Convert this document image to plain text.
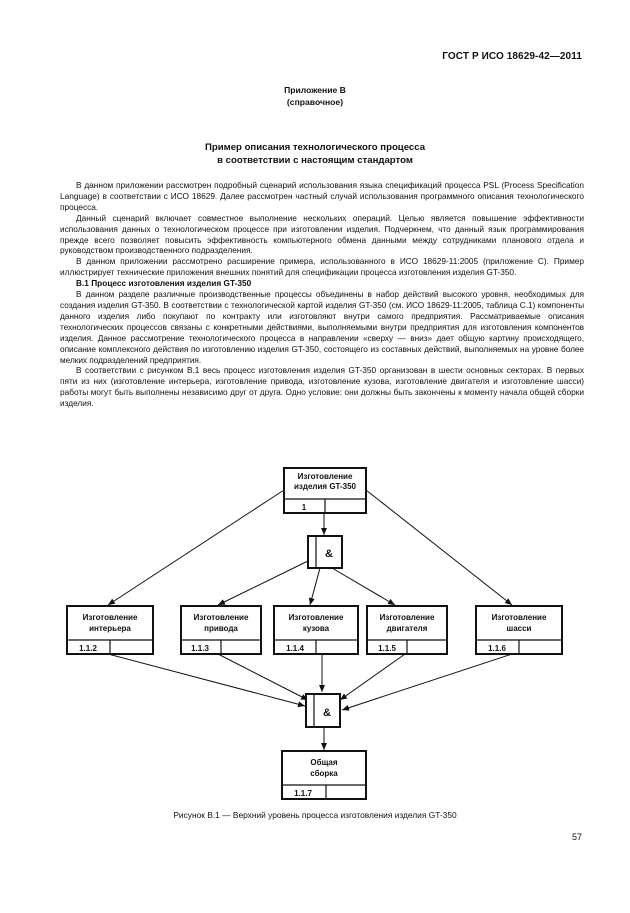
ГОСТ Р ИСО 18629-42—2011
Приложение В
(справочное)
Пример описания технологического процесса
в соответствии с настоящим стандартом

В данном приложении рассмотрен подробный сценарий использования языка спецификаций процесса PSL (Process Specification Language) в соответствии с ИСО 18629. Далее рассмотрен частный случай использования программного описания технологического процесса.

Данный сценарий включает совместное выполнение нескольких операций. Целью является повышение эффективности использования данных о технологическом процессе при изготовлении изделия. Подчеркнем, что данный язык программирования прежде всего позволяет повысить эффективность компьютерного обмена данными между сотрудниками планового отдела и руководством производственного подразделения.

В данном приложении рассмотрено расширение примера, использованного в ИСО 18629-11:2005 (приложение С). Пример иллюстрирует технические приложения внешних понятий для спецификации процесса изготовления изделия GT-350.

В.1 Процесс изготовления изделия GT-350

В данном разделе различные производственные процессы объединены в набор действий высокого уровня, необходимых для создания изделия GT-350. В соответствии с технологической картой изделия GT-350 (см. ИСО 18629-11:2005, таблица С.1) компоненты данного изделия либо покупают по контракту или изготовляют внутри самого предприятия. Рассматриваемые описания технологических процессов связаны с конкретными действиями, выполняемыми внутри предприятия для изготовления компонентов изделия. Данное рассмотрение технологического процесса в направлении «сверху — вниз» дает общую картину происходящего, описание комплексного действия по изготовлению изделия GT-350, состоящего из составных действий, выполняемых на уровне более мелких подразделений предприятия.

В соответствии с рисунком В.1 весь процесс изготовления изделия GT-350 организован в шести основных секторах. В первых пяти из них (изготовление интерьера, изготовление привода, изготовление кузова, изготовление двигателя и изготовление шасси) работы могут быть выполнены независимо друг от друга. Одно условие: они должны быть закончены к моменту начала общей сборки изделия.

Изготовление
изделия GT-350
1
&
Изготовление
интерьера
1.1.2
Изготовление
привода
1.1.3
Изготовление
кузова
1.1.4
Изготовление
двигателя
1.1.5
Изготовление
шасси
1.1.6
&
Общая
сборка
1.1.7
Рисунок В.1 — Верхний уровень процесса изготовления изделия GT-350
57
